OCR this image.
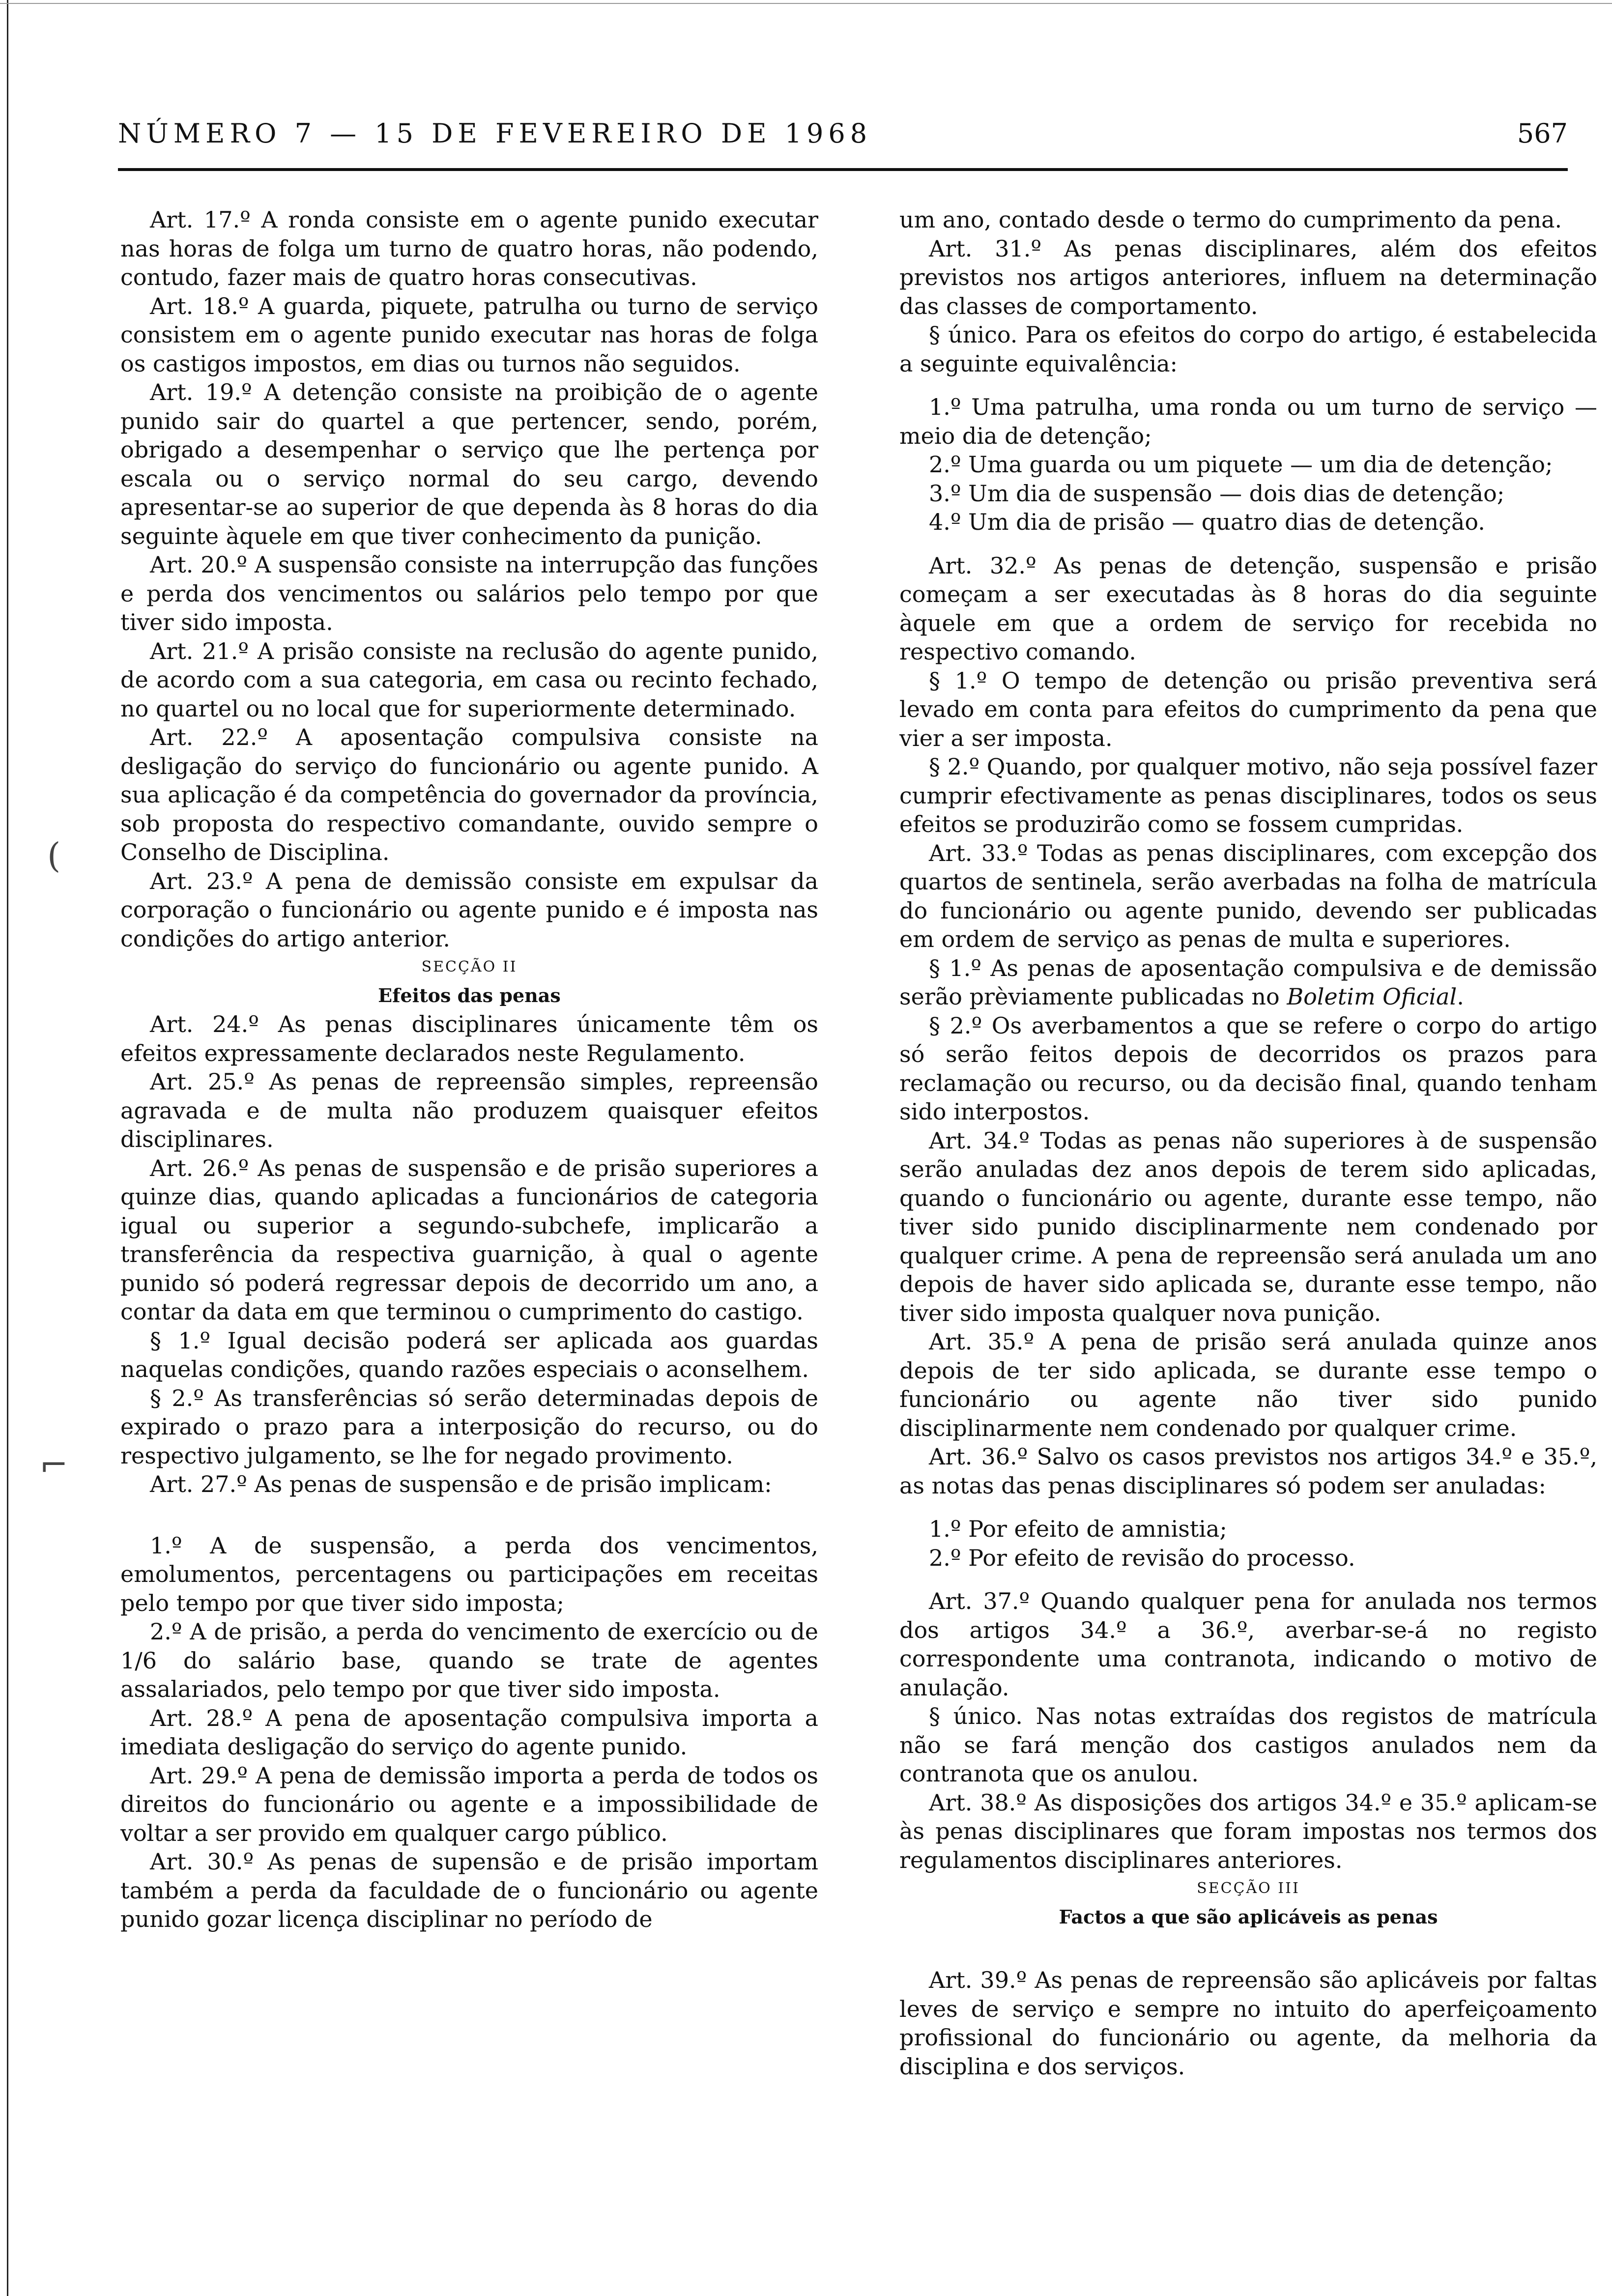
NÚMERO 7 — 15 DE FEVEREIRO DE 1968	567
(
⌐

Art. 17.º A ronda consiste em o agente punido executar nas horas de folga um turno de quatro horas, não podendo, contudo, fazer mais de quatro horas consecutivas.

Art. 18.º A guarda, piquete, patrulha ou turno de serviço consistem em o agente punido executar nas horas de folga os castigos impostos, em dias ou turnos não seguidos.

Art. 19.º A detenção consiste na proibição de o agente punido sair do quartel a que pertencer, sendo, porém, obrigado a desempenhar o serviço que lhe pertença por escala ou o serviço normal do seu cargo, devendo apresentar-se ao superior de que dependa às 8 horas do dia seguinte àquele em que tiver conhecimento da punição.

Art. 20.º A suspensão consiste na interrupção das funções e perda dos vencimentos ou salários pelo tempo por que tiver sido imposta.

Art. 21.º A prisão consiste na reclusão do agente punido, de acordo com a sua categoria, em casa ou recinto fechado, no quartel ou no local que for superiormente determinado.

Art. 22.º A aposentação compulsiva consiste na desligação do serviço do funcionário ou agente punido. A sua aplicação é da competência do governador da província, sob proposta do respectivo comandante, ouvido sempre o Conselho de Disciplina.

Art. 23.º A pena de demissão consiste em expulsar da corporação o funcionário ou agente punido e é imposta nas condições do artigo anterior.

SECÇÃO II

Efeitos das penas

Art. 24.º As penas disciplinares únicamente têm os efeitos expressamente declarados neste Regulamento.

Art. 25.º As penas de repreensão simples, repreensão agravada e de multa não produzem quaisquer efeitos disciplinares.

Art. 26.º As penas de suspensão e de prisão superiores a quinze dias, quando aplicadas a funcionários de categoria igual ou superior a segundo-subchefe, implicarão a transferência da respectiva guarnição, à qual o agente punido só poderá regressar depois de decorrido um ano, a contar da data em que terminou o cumprimento do castigo.

§ 1.º Igual decisão poderá ser aplicada aos guardas naquelas condições, quando razões especiais o aconselhem.

§ 2.º As transferências só serão determinadas depois de expirado o prazo para a interposição do recurso, ou do respectivo julgamento, se lhe for negado provimento.

Art. 27.º As penas de suspensão e de prisão implicam:

1.º A de suspensão, a perda dos vencimentos, emolumentos, percentagens ou participações em receitas pelo tempo por que tiver sido imposta;

2.º A de prisão, a perda do vencimento de exercício ou de 1/6 do salário base, quando se trate de agentes assalariados, pelo tempo por que tiver sido imposta.

Art. 28.º A pena de aposentação compulsiva importa a imediata desligação do serviço do agente punido.

Art. 29.º A pena de demissão importa a perda de todos os direitos do funcionário ou agente e a impossibilidade de voltar a ser provido em qualquer cargo público.

Art. 30.º As penas de supensão e de prisão importam também a perda da faculdade de o funcionário ou agente punido gozar licença disciplinar no período de

um ano, contado desde o termo do cumprimento da pena.

Art. 31.º As penas disciplinares, além dos efeitos previstos nos artigos anteriores, influem na determinação das classes de comportamento.

§ único. Para os efeitos do corpo do artigo, é estabelecida a seguinte equivalência:

1.º Uma patrulha, uma ronda ou um turno de serviço — meio dia de detenção;

2.º Uma guarda ou um piquete — um dia de detenção;

3.º Um dia de suspensão — dois dias de detenção;

4.º Um dia de prisão — quatro dias de detenção.

Art. 32.º As penas de detenção, suspensão e prisão começam a ser executadas às 8 horas do dia seguinte àquele em que a ordem de serviço for recebida no respectivo comando.

§ 1.º O tempo de detenção ou prisão preventiva será levado em conta para efeitos do cumprimento da pena que vier a ser imposta.

§ 2.º Quando, por qualquer motivo, não seja possível fazer cumprir efectivamente as penas disciplinares, todos os seus efeitos se produzirão como se fossem cumpridas.

Art. 33.º Todas as penas disciplinares, com excepção dos quartos de sentinela, serão averbadas na folha de matrícula do funcionário ou agente punido, devendo ser publicadas em ordem de serviço as penas de multa e superiores.

§ 1.º As penas de aposentação compulsiva e de demissão serão prèviamente publicadas no Boletim Oficial.

§ 2.º Os averbamentos a que se refere o corpo do artigo só serão feitos depois de decorridos os prazos para reclamação ou recurso, ou da decisão final, quando tenham sido interpostos.

Art. 34.º Todas as penas não superiores à de suspensão serão anuladas dez anos depois de terem sido aplicadas, quando o funcionário ou agente, durante esse tempo, não tiver sido punido disciplinarmente nem condenado por qualquer crime. A pena de repreensão será anulada um ano depois de haver sido aplicada se, durante esse tempo, não tiver sido imposta qualquer nova punição.

Art. 35.º A pena de prisão será anulada quinze anos depois de ter sido aplicada, se durante esse tempo o funcionário ou agente não tiver sido punido disciplinarmente nem condenado por qualquer crime.

Art. 36.º Salvo os casos previstos nos artigos 34.º e 35.º, as notas das penas disciplinares só podem ser anuladas:

1.º Por efeito de amnistia;

2.º Por efeito de revisão do processo.

Art. 37.º Quando qualquer pena for anulada nos termos dos artigos 34.º a 36.º, averbar-se-á no registo correspondente uma contranota, indicando o motivo de anulação.

§ único. Nas notas extraídas dos registos de matrícula não se fará menção dos castigos anulados nem da contranota que os anulou.

Art. 38.º As disposições dos artigos 34.º e 35.º aplicam-se às penas disciplinares que foram impostas nos termos dos regulamentos disciplinares anteriores.

SECÇÃO III

Factos a que são aplicáveis as penas

Art. 39.º As penas de repreensão são aplicáveis por faltas leves de serviço e sempre no intuito do aperfeiçoamento profissional do funcionário ou agente, da melhoria da disciplina e dos serviços.
